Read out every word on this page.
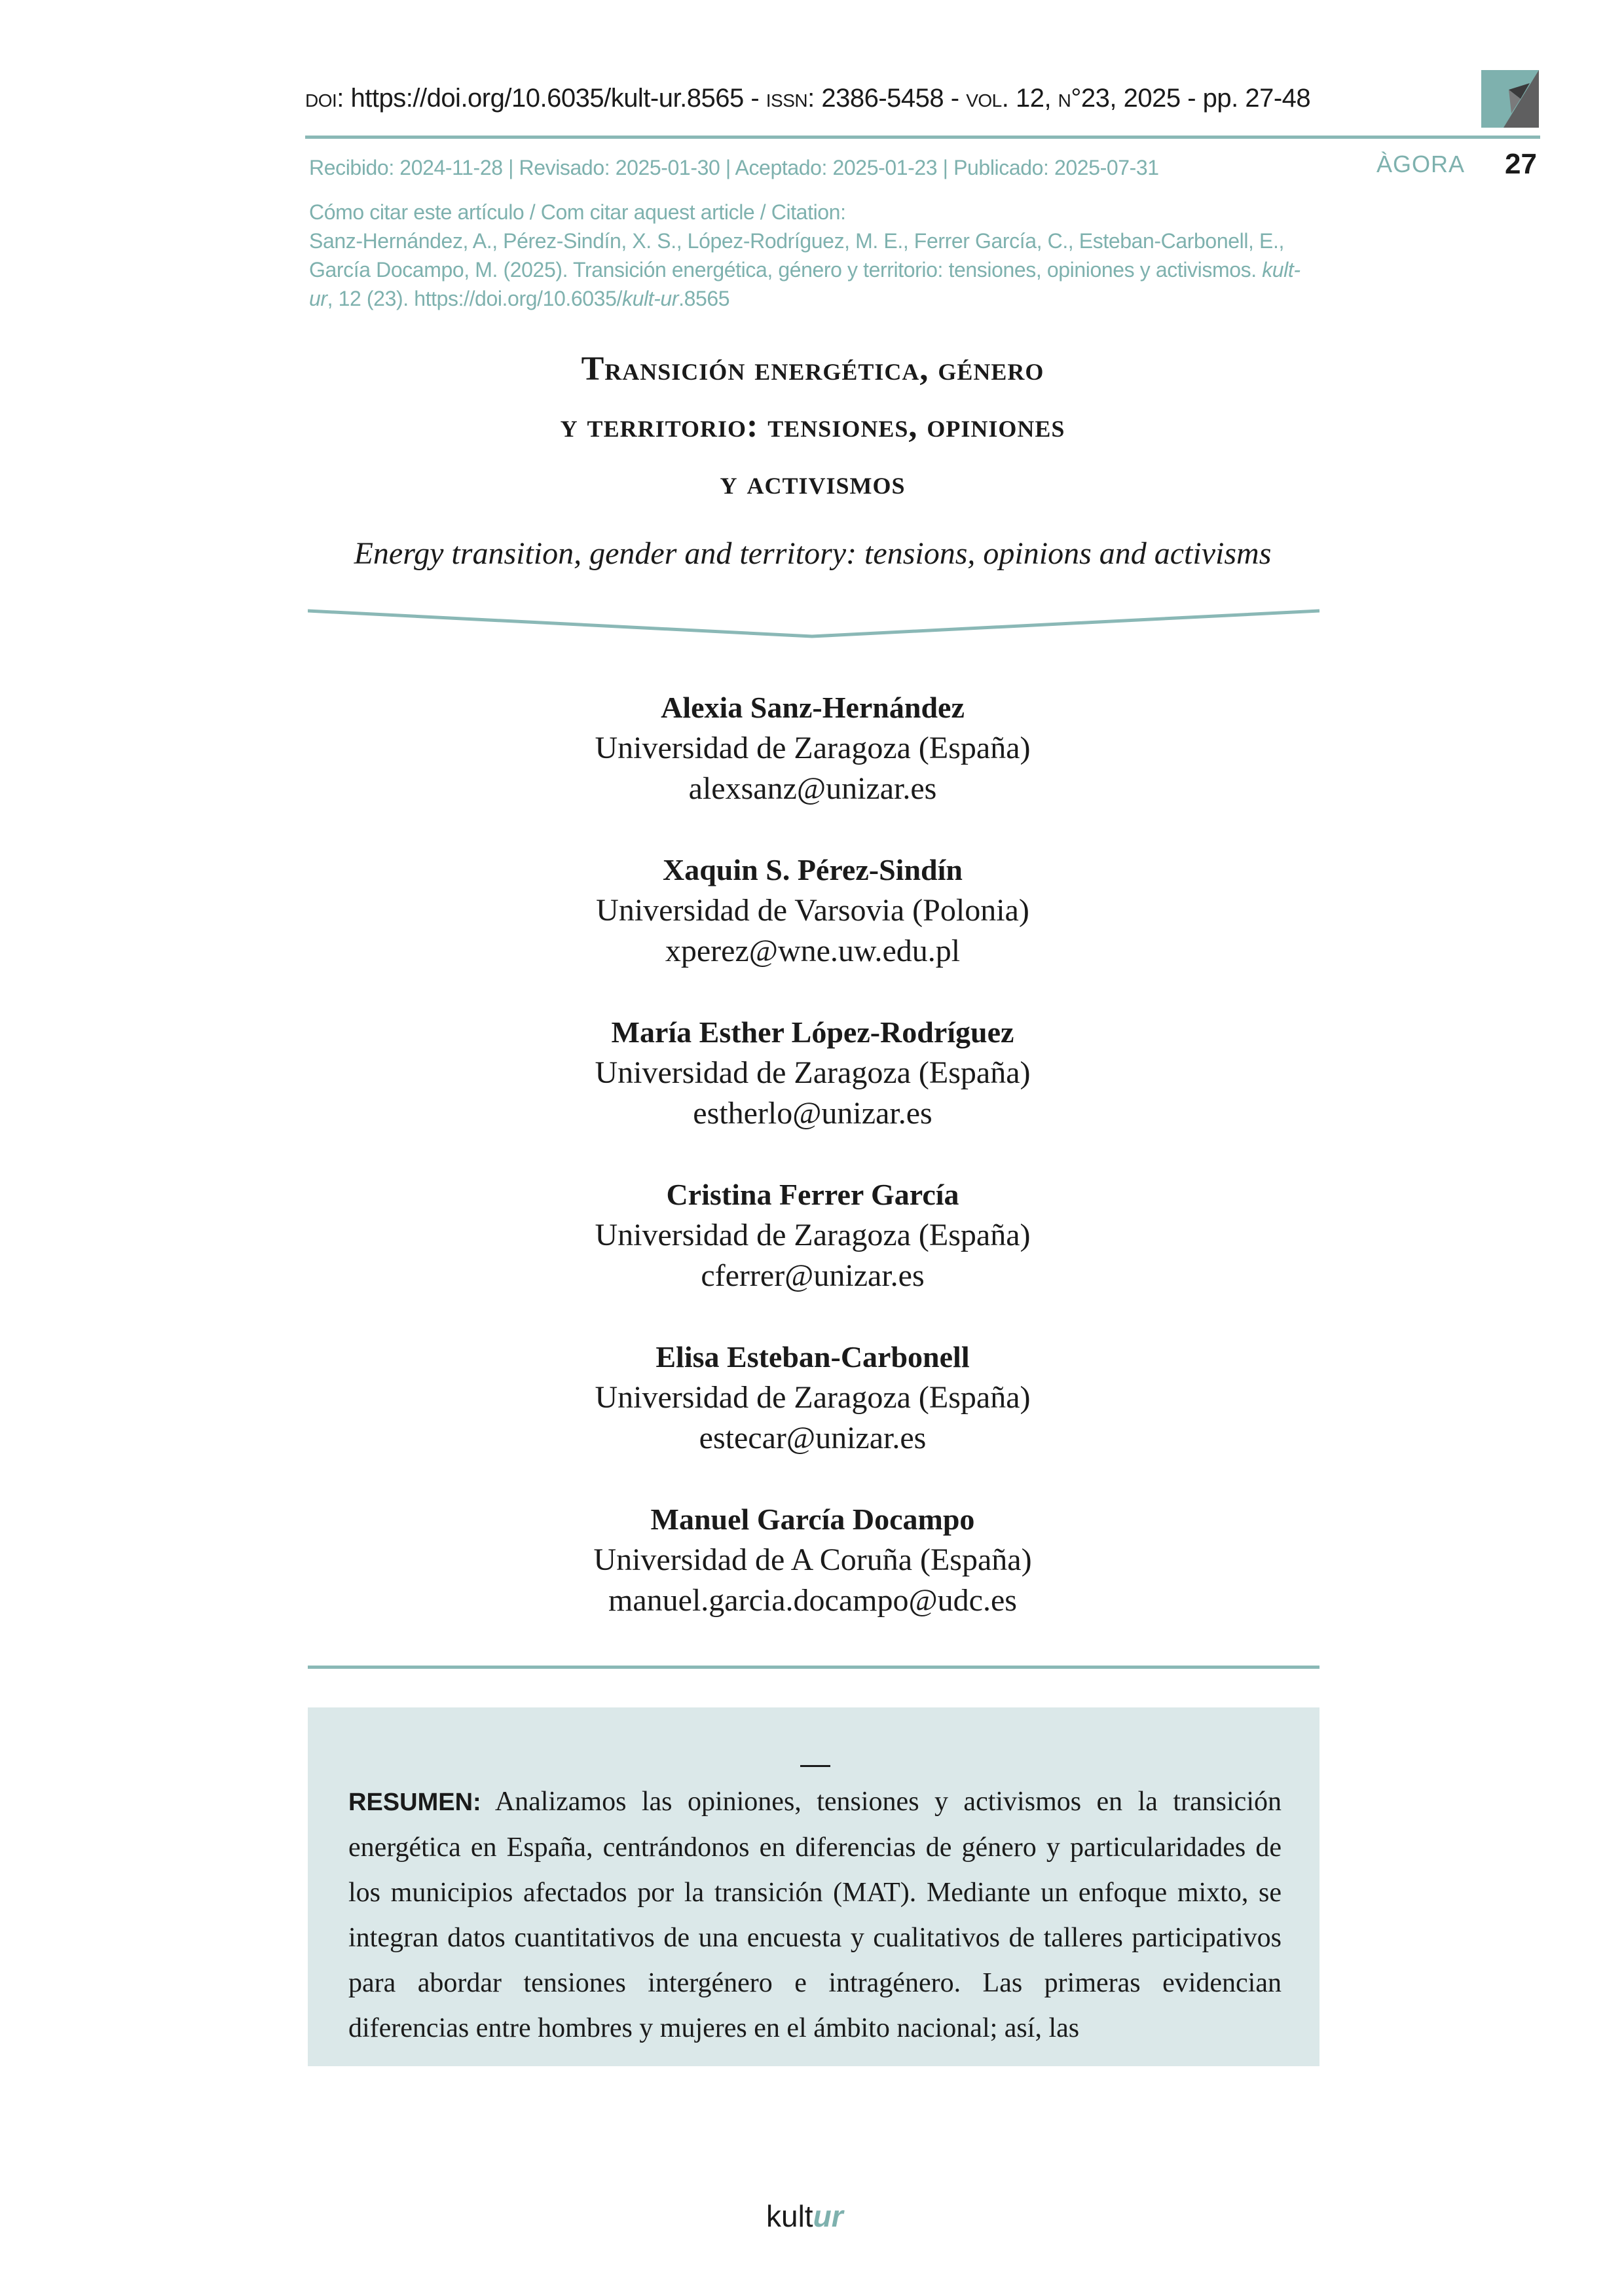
DOI: https://doi.org/10.6035/kult-ur.8565 - ISSN: 2386-5458 - VOL. 12, N°23, 2025 - pp. 27-48
Recibido: 2024-11-28 | Revisado: 2025-01-30 | Aceptado: 2025-01-23 | Publicado: 2025-07-31	ÀGORA 27

Cómo citar este artículo / Com citar aquest article / Citation:

Sanz-Hernández, A., Pérez-Sindín, X. S., López-Rodríguez, M. E., Ferrer García, C., Esteban-Carbonell, E., García Docampo, M. (2025). Transición energética, género y territorio: tensiones, opiniones y activismos. kult-ur, 12 (23). https://doi.org/10.6035/kult-ur.8565

Transición energética, género
y territorio: tensiones, opiniones
y activismos
Energy transition, gender and territory: tensions, opinions and activisms
Alexia Sanz-Hernández
Universidad de Zaragoza (España)
alexsanz@unizar.es
Xaquin S. Pérez-Sindín
Universidad de Varsovia (Polonia)
xperez@wne.uw.edu.pl
María Esther López-Rodríguez
Universidad de Zaragoza (España)
estherlo@unizar.es
Cristina Ferrer García
Universidad de Zaragoza (España)
cferrer@unizar.es
Elisa Esteban-Carbonell
Universidad de Zaragoza (España)
estecar@unizar.es
Manuel García Docampo
Universidad de A Coruña (España)
manuel.garcia.docampo@udc.es
RESUMEN: Analizamos las opiniones, tensiones y activismos en la transición energética en España, centrándonos en diferencias de género y particularidades de los municipios afectados por la transición (MAT). Mediante un enfoque mixto, se integran datos cuantitativos de una encuesta y cualitativos de talleres participativos para abordar tensiones intergénero e intragénero. Las primeras evidencian diferencias entre hombres y mujeres en el ámbito nacional; así, las
kultur
